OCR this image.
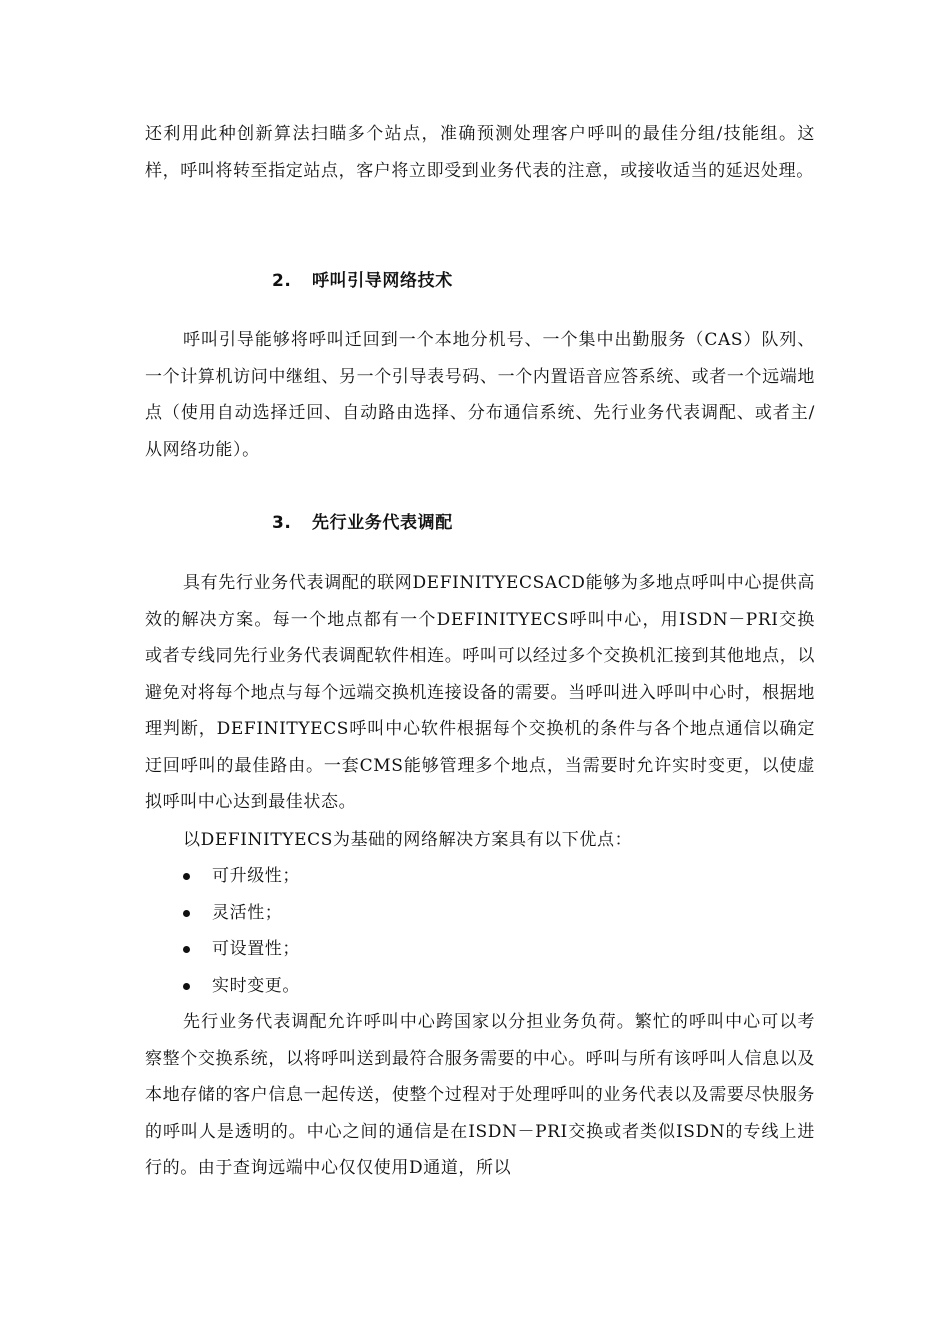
还利用此种创新算法扫瞄多个站点，准确预测处理客户呼叫的最佳分组/技能组。这样，呼叫将转至指定站点，客户将立即受到业务代表的注意，或接收适当的延迟处理。

2. 呼叫引导网络技术

呼叫引导能够将呼叫迁回到一个本地分机号、一个集中出勤服务（CAS）队列、一个计算机访问中继组、另一个引导表号码、一个内置语音应答系统、或者一个远端地点（使用自动选择迁回、自动路由选择、分布通信系统、先行业务代表调配、或者主/从网络功能）。

3. 先行业务代表调配

具有先行业务代表调配的联网DEFINITYECSACD能够为多地点呼叫中心提供高效的解决方案。每一个地点都有一个DEFINITYECS呼叫中心，用ISDN－PRI交换或者专线同先行业务代表调配软件相连。呼叫可以经过多个交换机汇接到其他地点，以避免对将每个地点与每个远端交换机连接设备的需要。当呼叫进入呼叫中心时，根据地理判断，DEFINITYECS呼叫中心软件根据每个交换机的条件与各个地点通信以确定迂回呼叫的最佳路由。一套CMS能够管理多个地点，当需要时允许实时变更，以使虚拟呼叫中心达到最佳状态。

以DEFINITYECS为基础的网络解决方案具有以下优点：

可升级性；
灵活性；
可设置性；
实时变更。

先行业务代表调配允许呼叫中心跨国家以分担业务负荷。繁忙的呼叫中心可以考察整个交换系统，以将呼叫送到最符合服务需要的中心。呼叫与所有该呼叫人信息以及本地存储的客户信息一起传送，使整个过程对于处理呼叫的业务代表以及需要尽快服务的呼叫人是透明的。中心之间的通信是在ISDN－PRI交换或者类似ISDN的专线上进行的。由于查询远端中心仅仅使用D通道，所以
